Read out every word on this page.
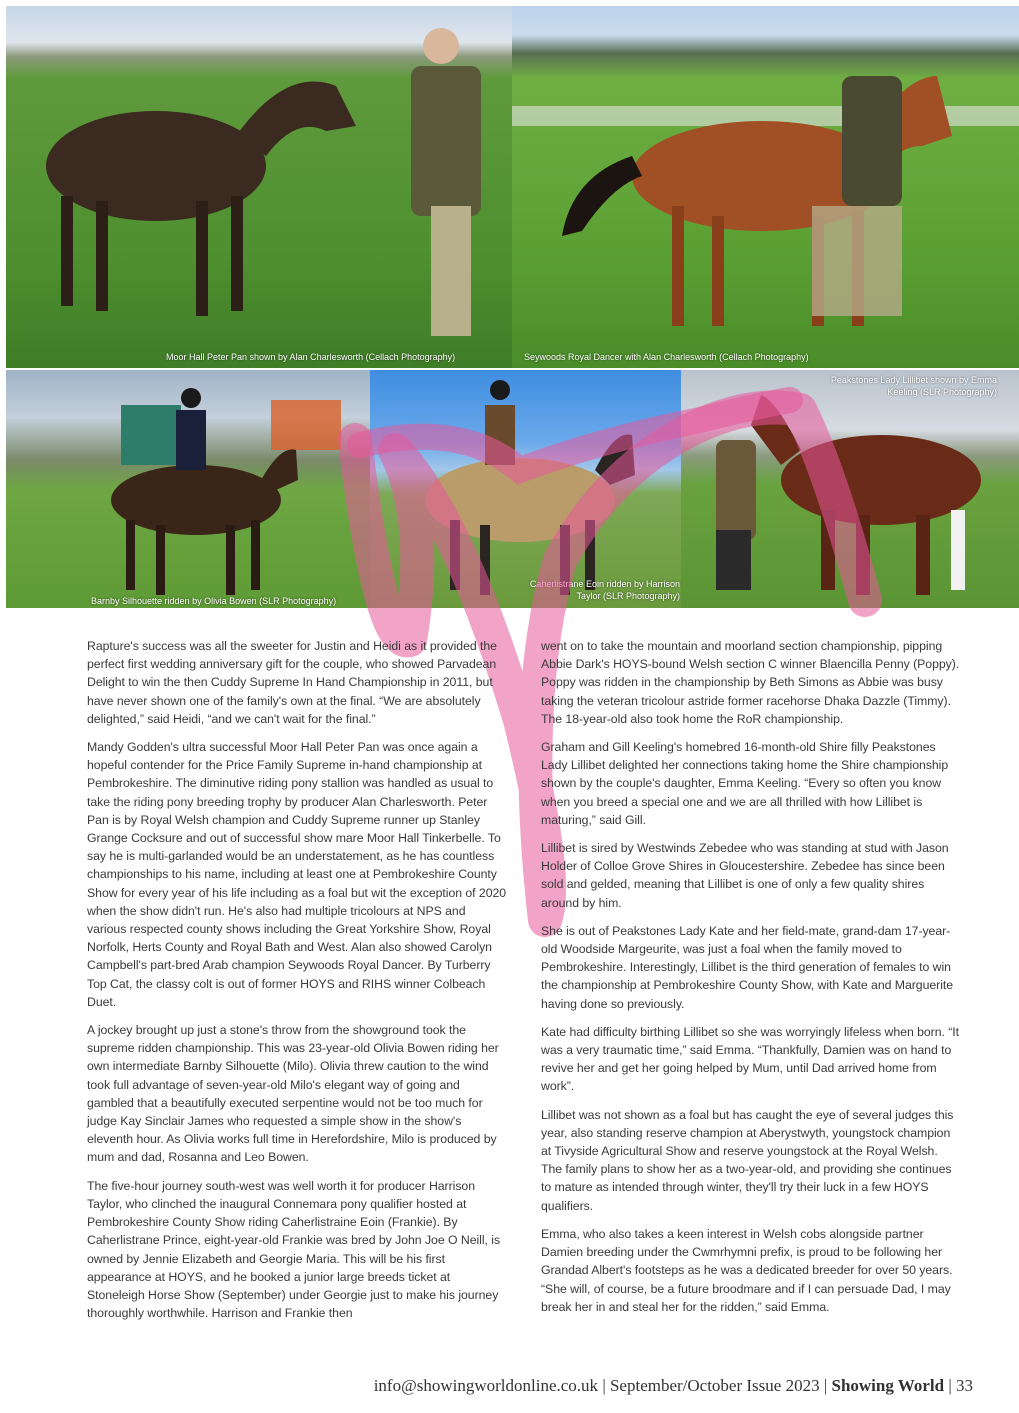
Moor Hall Peter Pan shown by Alan Charlesworth (Cellach Photography)	Seywoods Royal Dancer with Alan Charlesworth (Cellach Photography)
Barnby Silhouette ridden by Olivia Bowen (SLR Photography)
Caherlistrane Eoin ridden by Harrison Taylor (SLR Photography)
Peakstones Lady Lillibet shown by Emma Keeling (SLR Photography)

Rapture's success was all the sweeter for Justin and Heidi as it provided the perfect first wedding anniversary gift for the couple, who showed Parvadean Delight to win the then Cuddy Supreme In Hand Championship in 2011, but have never shown one of the family's own at the final. “We are absolutely delighted,” said Heidi, “and we can't wait for the final.”

Mandy Godden's ultra successful Moor Hall Peter Pan was once again a hopeful contender for the Price Family Supreme in-hand championship at Pembrokeshire. The diminutive riding pony stallion was handled as usual to take the riding pony breeding trophy by producer Alan Charlesworth. Peter Pan is by Royal Welsh champion and Cuddy Supreme runner up Stanley Grange Cocksure and out of successful show mare Moor Hall Tinkerbelle. To say he is multi-garlanded would be an understatement, as he has countless championships to his name, including at least one at Pembrokeshire County Show for every year of his life including as a foal but wit the exception of 2020 when the show didn't run. He's also had multiple tricolours at NPS and various respected county shows including the Great Yorkshire Show, Royal Norfolk, Herts County and Royal Bath and West. Alan also showed Carolyn Campbell's part-bred Arab champion Seywoods Royal Dancer. By Turberry Top Cat, the classy colt is out of former HOYS and RIHS winner Colbeach Duet.

A jockey brought up just a stone's throw from the showground took the supreme ridden championship. This was 23-year-old Olivia Bowen riding her own intermediate Barnby Silhouette (Milo). Olivia threw caution to the wind took full advantage of seven-year-old Milo's elegant way of going and gambled that a beautifully executed serpentine would not be too much for judge Kay Sinclair James who requested a simple show in the show's eleventh hour. As Olivia works full time in Herefordshire, Milo is produced by mum and dad, Rosanna and Leo Bowen.

The five-hour journey south-west was well worth it for producer Harrison Taylor, who clinched the inaugural Connemara pony qualifier hosted at Pembrokeshire County Show riding Caherlistraine Eoin (Frankie). By Caherlistrane Prince, eight-year-old Frankie was bred by John Joe O Neill, is owned by Jennie Elizabeth and Georgie Maria. This will be his first appearance at HOYS, and he booked a junior large breeds ticket at Stoneleigh Horse Show (September) under Georgie just to make his journey thoroughly worthwhile. Harrison and Frankie then

went on to take the mountain and moorland section championship, pipping Abbie Dark's HOYS-bound Welsh section C winner Blaencilla Penny (Poppy). Poppy was ridden in the championship by Beth Simons as Abbie was busy taking the veteran tricolour astride former racehorse Dhaka Dazzle (Timmy). The 18-year-old also took home the RoR championship.

Graham and Gill Keeling's homebred 16-month-old Shire filly Peakstones Lady Lillibet delighted her connections taking home the Shire championship shown by the couple's daughter, Emma Keeling. “Every so often you know when you breed a special one and we are all thrilled with how Lillibet is maturing,” said Gill.

Lillibet is sired by Westwinds Zebedee who was standing at stud with Jason Holder of Colloe Grove Shires in Gloucestershire. Zebedee has since been sold and gelded, meaning that Lillibet is one of only a few quality shires around by him.

She is out of Peakstones Lady Kate and her field-mate, grand-dam 17-year-old Woodside Margeurite, was just a foal when the family moved to Pembrokeshire. Interestingly, Lillibet is the third generation of females to win the championship at Pembrokeshire County Show, with Kate and Marguerite having done so previously.

Kate had difficulty birthing Lillibet so she was worryingly lifeless when born. “It was a very traumatic time,” said Emma. “Thankfully, Damien was on hand to revive her and get her going helped by Mum, until Dad arrived home from work”.

Lillibet was not shown as a foal but has caught the eye of several judges this year, also standing reserve champion at Aberystwyth, youngstock champion at Tivyside Agricultural Show and reserve youngstock at the Royal Welsh. The family plans to show her as a two-year-old, and providing she continues to mature as intended through winter, they'll try their luck in a few HOYS qualifiers.

Emma, who also takes a keen interest in Welsh cobs alongside partner Damien breeding under the Cwmrhymni prefix, is proud to be following her Grandad Albert's footsteps as he was a dedicated breeder for over 50 years. “She will, of course, be a future broodmare and if I can persuade Dad, I may break her in and steal her for the ridden,” said Emma.

info@showingworldonline.co.uk | September/October Issue 2023 | Showing World | 33
